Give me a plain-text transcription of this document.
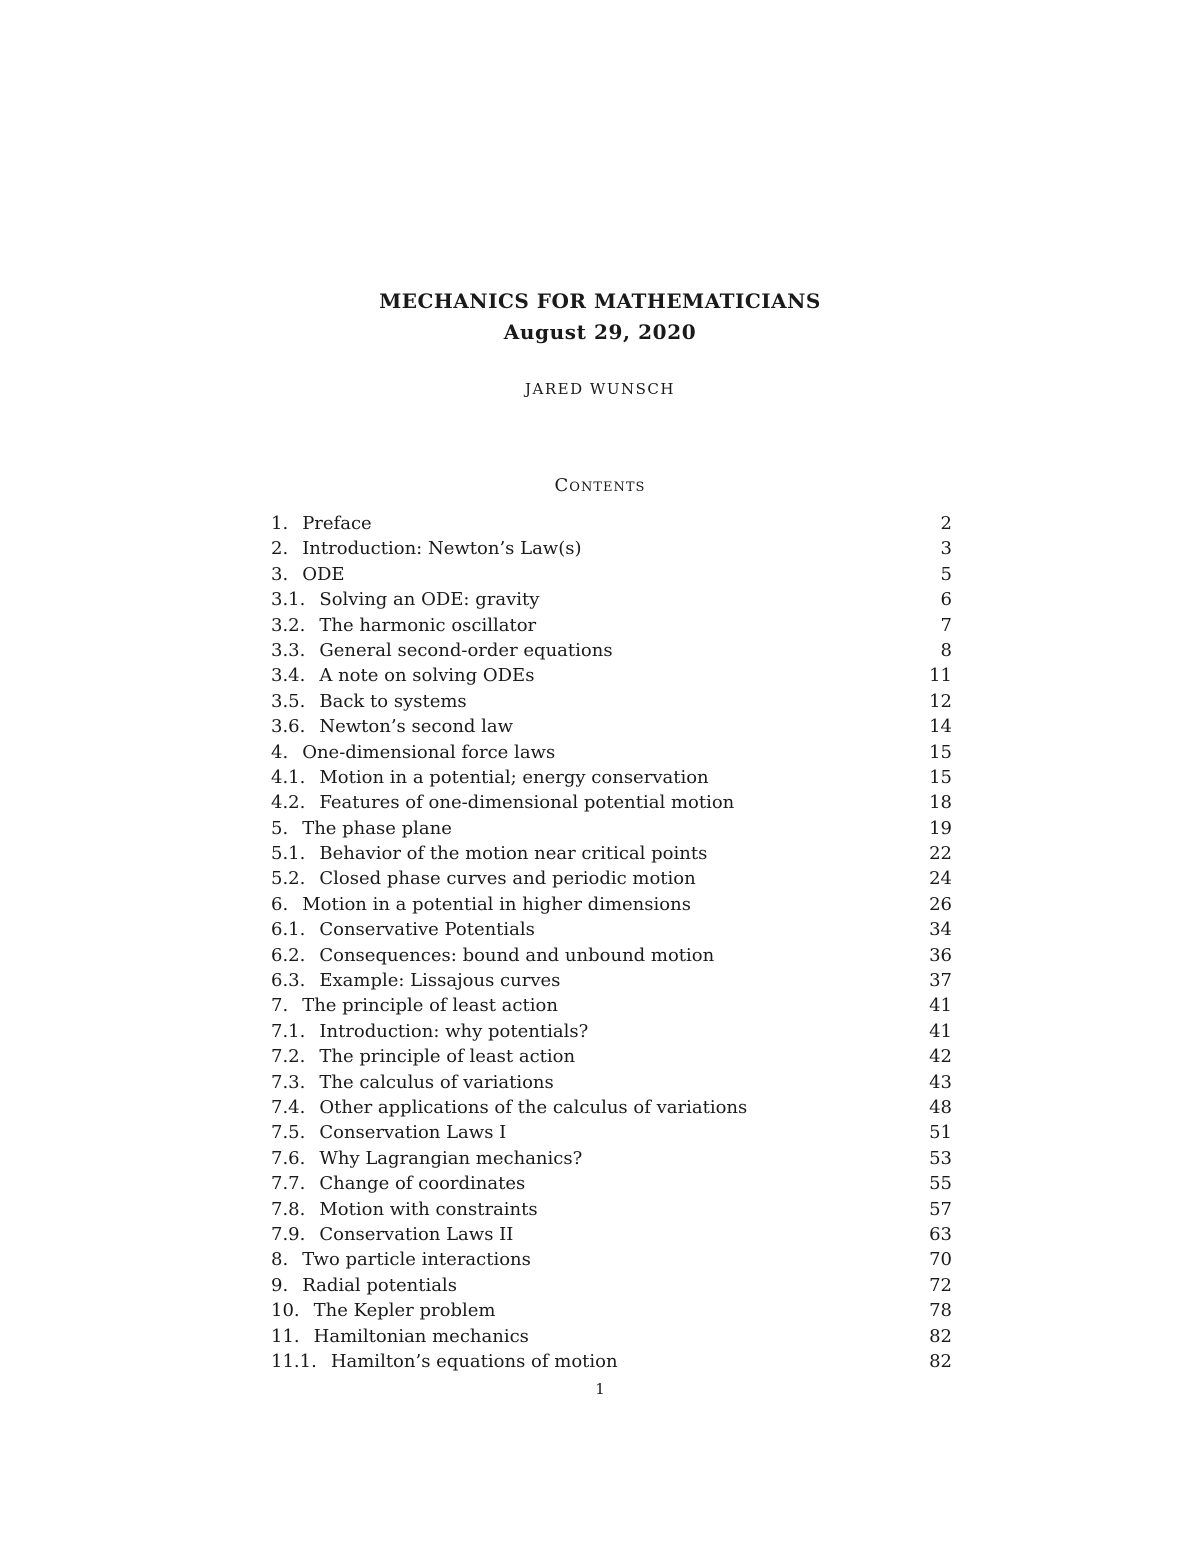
MECHANICS FOR MATHEMATICIANS
August 29, 2020
JARED WUNSCH
Contents
1. Preface	2
2. Introduction: Newton’s Law(s)	3
3. ODE	5
3.1. Solving an ODE: gravity	6
3.2. The harmonic oscillator	7
3.3. General second-order equations	8
3.4. A note on solving ODEs	11
3.5. Back to systems	12
3.6. Newton’s second law	14
4. One-dimensional force laws	15
4.1. Motion in a potential; energy conservation	15
4.2. Features of one-dimensional potential motion	18
5. The phase plane	19
5.1. Behavior of the motion near critical points	22
5.2. Closed phase curves and periodic motion	24
6. Motion in a potential in higher dimensions	26
6.1. Conservative Potentials	34
6.2. Consequences: bound and unbound motion	36
6.3. Example: Lissajous curves	37
7. The principle of least action	41
7.1. Introduction: why potentials?	41
7.2. The principle of least action	42
7.3. The calculus of variations	43
7.4. Other applications of the calculus of variations	48
7.5. Conservation Laws I	51
7.6. Why Lagrangian mechanics?	53
7.7. Change of coordinates	55
7.8. Motion with constraints	57
7.9. Conservation Laws II	63
8. Two particle interactions	70
9. Radial potentials	72
10. The Kepler problem	78
11. Hamiltonian mechanics	82
11.1. Hamilton’s equations of motion	82
1
